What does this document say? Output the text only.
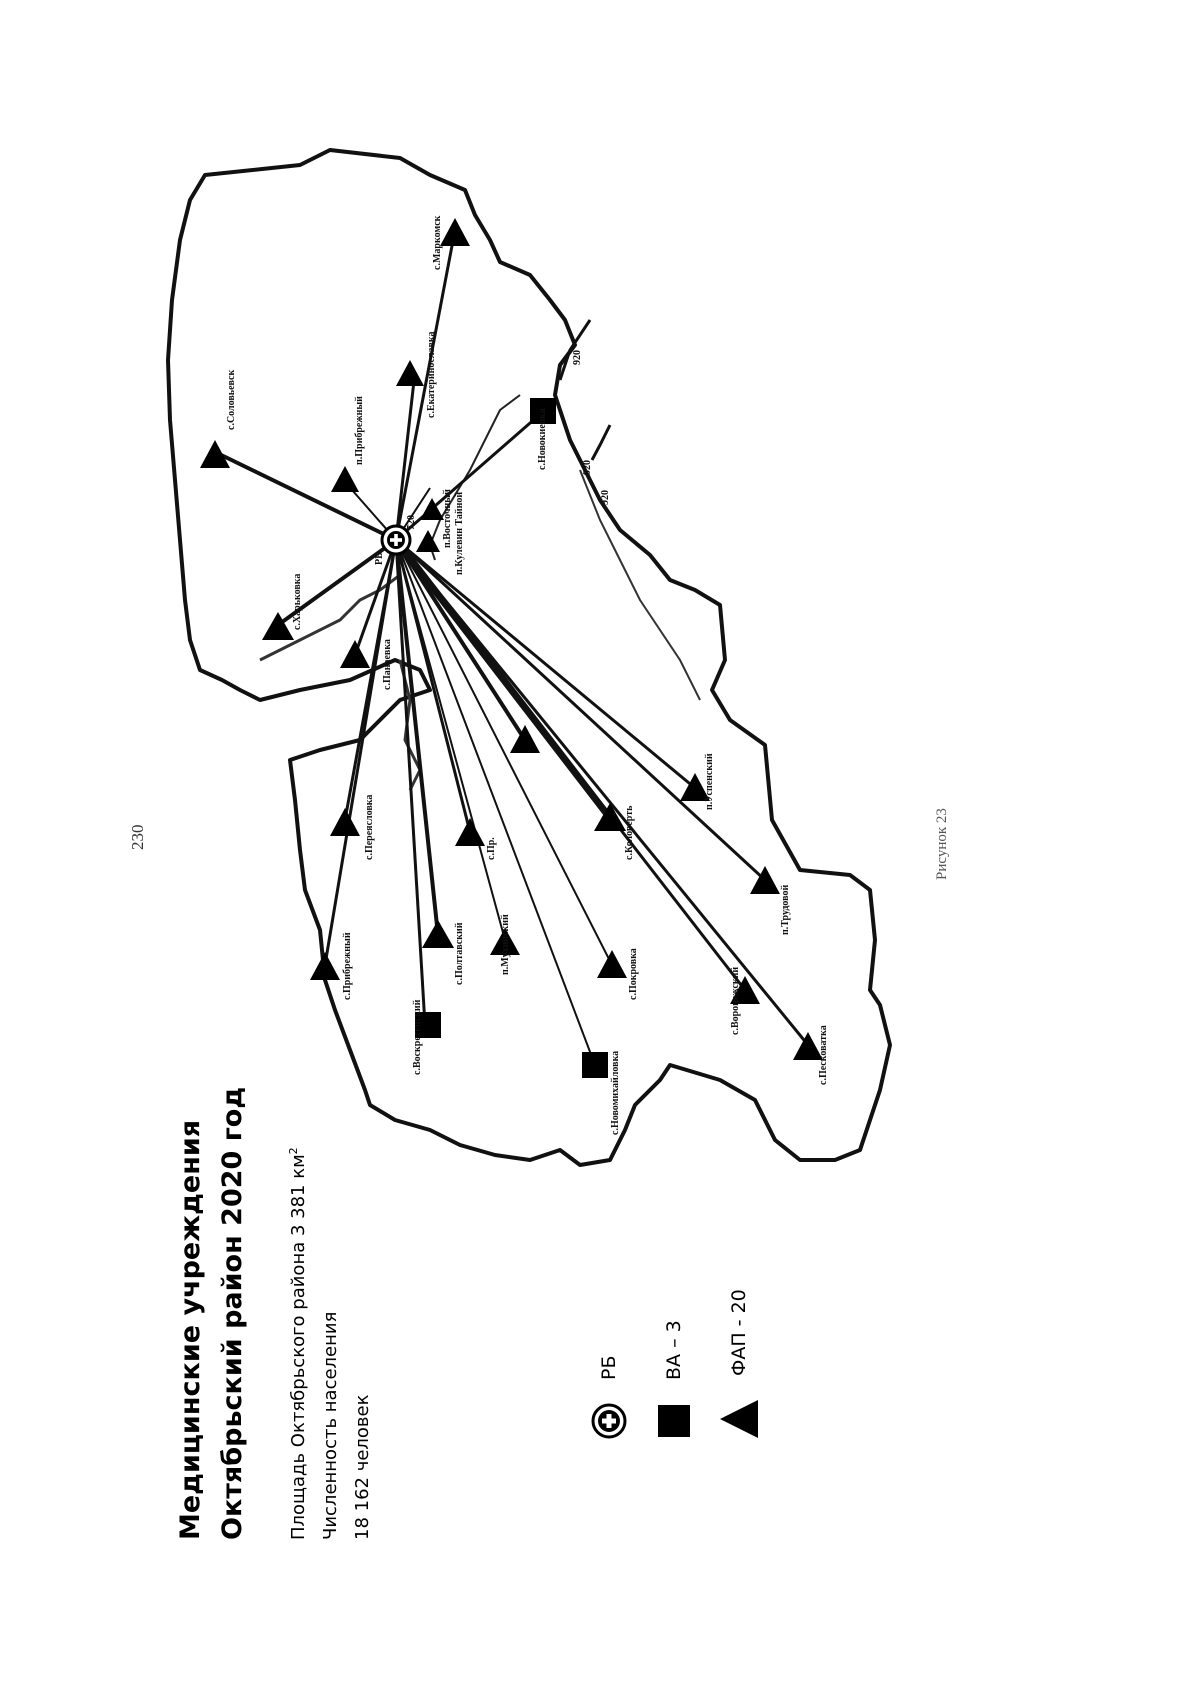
230
РБ
720
920
920
920
с.Соловьевск	п.Прибрежный
с.Маркомск
с.Екатеринославка
с.Новокиевка
п.Восточный п.Кулевин Тайной
с.Харьковка
с.Панаевка
с.Переясловка
с.Прибрежный
с.Воскресенский
с.Полтавский
с.Пр.	с.Коловерть
п.Мухинский	с.Покровка
с.Новомихайловка
п.Успенский
п.Трудовой
с.Воронежский
с.Песковатка
Медицинские учреждения Октябрьский район 2020 год	Площадь Октябрьского района 3 381 $км^2$
Численность населения 18 162 человек
РБ ВА – 3 ФАП - 20
Рисунок 23
